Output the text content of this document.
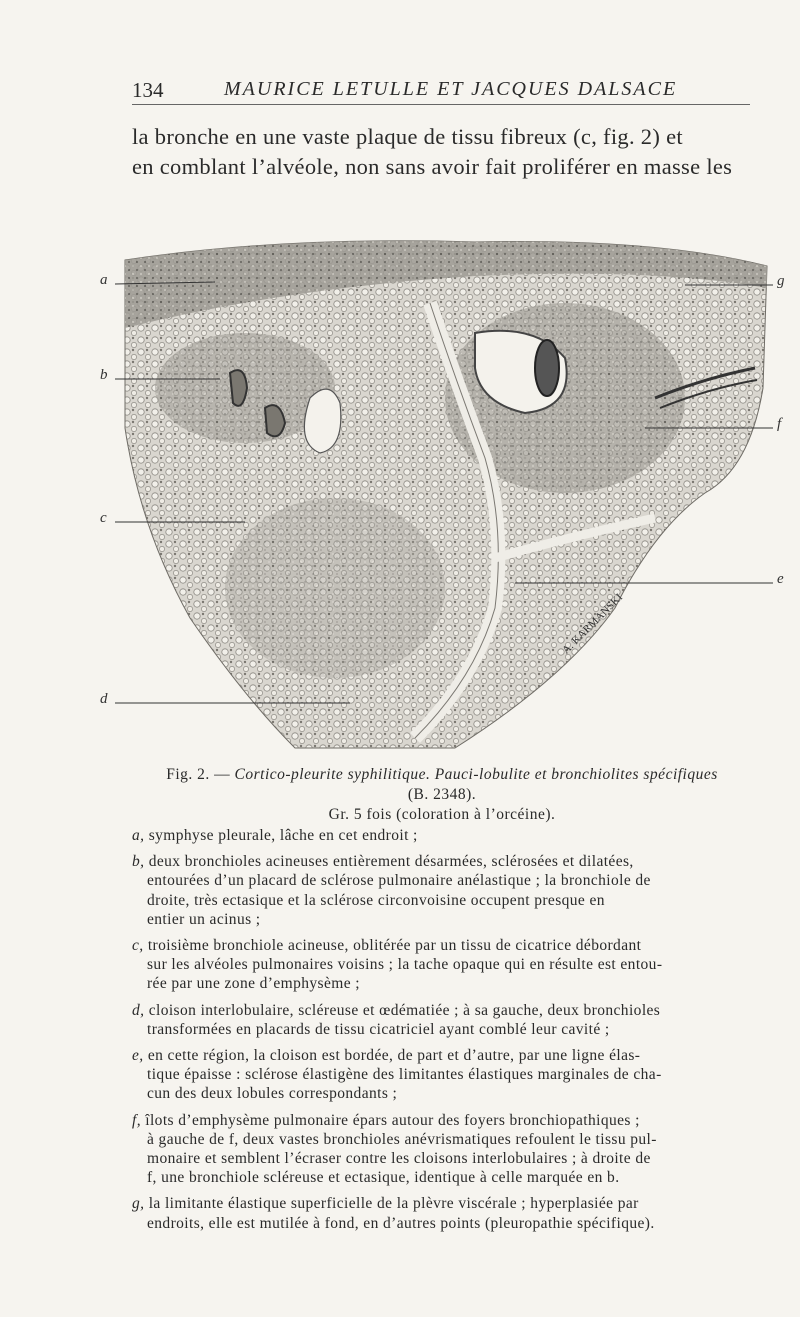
134	MAURICE LETULLE ET JACQUES DALSACE
la bronche en une vaste plaque de tissu fibreux (c, fig. 2) et
en comblant l’alvéole, non sans avoir fait proliférer en masse les
a
b
c
d
e
f
g
A. KARMANSKI
Fig. 2. — Cortico-pleurite syphilitique. Pauci-lobulite et bronchiolites spécifiques
(B. 2348).
Gr. 5 fois (coloration à l’orcéine).
a, symphyse pleurale, lâche en cet endroit ;
b, deux bronchioles acineuses entièrement désarmées, sclérosées et dilatées,
entourées d’un placard de sclérose pulmonaire anélastique ; la bronchiole de
droite, très ectasique et la sclérose circonvoisine occupent presque en
entier un acinus ;
c, troisième bronchiole acineuse, oblitérée par un tissu de cicatrice débordant
sur les alvéoles pulmonaires voisins ; la tache opaque qui en résulte est entou-
rée par une zone d’emphysème ;
d, cloison interlobulaire, scléreuse et œdématiée ; à sa gauche, deux bronchioles
transformées en placards de tissu cicatriciel ayant comblé leur cavité ;
e, en cette région, la cloison est bordée, de part et d’autre, par une ligne élas-
tique épaisse : sclérose élastigène des limitantes élastiques marginales de cha-
cun des deux lobules correspondants ;
f, îlots d’emphysème pulmonaire épars autour des foyers bronchiopathiques ;
à gauche de f, deux vastes bronchioles anévrismatiques refoulent le tissu pul-
monaire et semblent l’écraser contre les cloisons interlobulaires ; à droite de
f, une bronchiole scléreuse et ectasique, identique à celle marquée en b.
g, la limitante élastique superficielle de la plèvre viscérale ; hyperplasiée par
endroits, elle est mutilée à fond, en d’autres points (pleuropathie spécifique).
